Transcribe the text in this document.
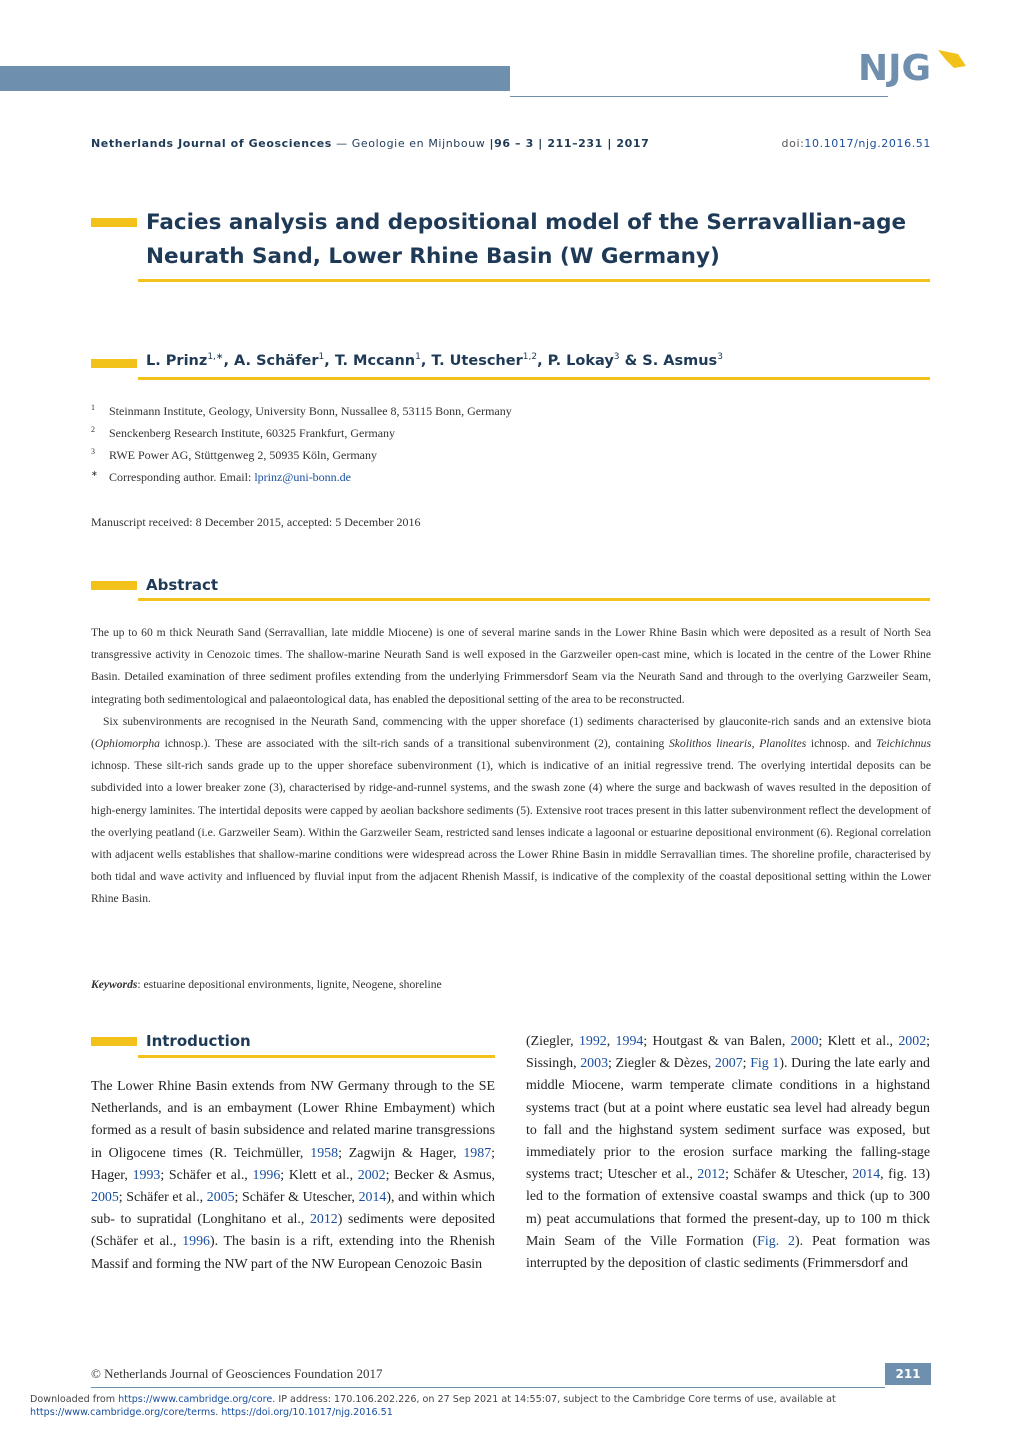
NJG
Netherlands Journal of Geosciences — Geologie en Mijnbouw |96 – 3 | 211–231 | 2017	doi:10.1017/njg.2016.51
Facies analysis and depositional model of the Serravallian-age
Neurath Sand, Lower Rhine Basin (W Germany)
L. Prinz$^{1,∗}$, A. Schäfer$^1$, T. Mccann$^1$, T. Utescher$^{1,2}$, P. Lokay$^3$ & S. Asmus$^3$
1 Steinmann Institute, Geology, University Bonn, Nussallee 8, 53115 Bonn, Germany
2 Senckenberg Research Institute, 60325 Frankfurt, Germany
3 RWE Power AG, Stüttgenweg 2, 50935 Köln, Germany
∗ Corresponding author. Email: lprinz@uni-bonn.de
Manuscript received: 8 December 2015, accepted: 5 December 2016
Abstract

The up to 60 m thick Neurath Sand (Serravallian, late middle Miocene) is one of several marine sands in the Lower Rhine Basin which were deposited as a result of North Sea transgressive activity in Cenozoic times. The shallow-marine Neurath Sand is well exposed in the Garzweiler open-cast mine, which is located in the centre of the Lower Rhine Basin. Detailed examination of three sediment profiles extending from the underlying Frimmersdorf Seam via the Neurath Sand and through to the overlying Garzweiler Seam, integrating both sedimentological and palaeontological data, has enabled the depositional setting of the area to be reconstructed.

Six subenvironments are recognised in the Neurath Sand, commencing with the upper shoreface (1) sediments characterised by glauconite-rich sands and an extensive biota (Ophiomorpha ichnosp.). These are associated with the silt-rich sands of a transitional subenvironment (2), containing Skolithos linearis, Planolites ichnosp. and Teichichnus ichnosp. These silt-rich sands grade up to the upper shoreface subenvironment (1), which is indicative of an initial regressive trend. The overlying intertidal deposits can be subdivided into a lower breaker zone (3), characterised by ridge-and-runnel systems, and the swash zone (4) where the surge and backwash of waves resulted in the deposition of high-energy laminites. The intertidal deposits were capped by aeolian backshore sediments (5). Extensive root traces present in this latter subenvironment reflect the development of the overlying peatland (i.e. Garzweiler Seam). Within the Garzweiler Seam, restricted sand lenses indicate a lagoonal or estuarine depositional environment (6). Regional correlation with adjacent wells establishes that shallow-marine conditions were widespread across the Lower Rhine Basin in middle Serravallian times. The shoreline profile, characterised by both tidal and wave activity and influenced by fluvial input from the adjacent Rhenish Massif, is indicative of the complexity of the coastal depositional setting within the Lower Rhine Basin.

Keywords: estuarine depositional environments, lignite, Neogene, shoreline
Introduction
The Lower Rhine Basin extends from NW Germany through to the SE Netherlands, and is an embayment (Lower Rhine Embayment) which formed as a result of basin subsidence and related marine transgressions in Oligocene times (R. Teichmüller, 1958; Zagwijn & Hager, 1987; Hager, 1993; Schäfer et al., 1996; Klett et al., 2002; Becker & Asmus, 2005; Schäfer et al., 2005; Schäfer & Utescher, 2014), and within which sub- to supratidal (Longhitano et al., 2012) sediments were deposited (Schäfer et al., 1996). The basin is a rift, extending into the Rhenish Massif and forming the NW part of the NW European Cenozoic Basin
(Ziegler, 1992, 1994; Houtgast & van Balen, 2000; Klett et al., 2002; Sissingh, 2003; Ziegler & Dèzes, 2007; Fig 1). During the late early and middle Miocene, warm temperate climate conditions in a highstand systems tract (but at a point where eustatic sea level had already begun to fall and the highstand system sediment surface was exposed, but immediately prior to the erosion surface marking the falling-stage systems tract; Utescher et al., 2012; Schäfer & Utescher, 2014, fig. 13) led to the formation of extensive coastal swamps and thick (up to 300 m) peat accumulations that formed the present-day, up to 100 m thick Main Seam of the Ville Formation (Fig. 2). Peat formation was interrupted by the deposition of clastic sediments (Frimmersdorf and
© Netherlands Journal of Geosciences Foundation 2017	211
Downloaded from https://www.cambridge.org/core. IP address: 170.106.202.226, on 27 Sep 2021 at 14:55:07, subject to the Cambridge Core terms of use, available at
https://www.cambridge.org/core/terms. https://doi.org/10.1017/njg.2016.51
